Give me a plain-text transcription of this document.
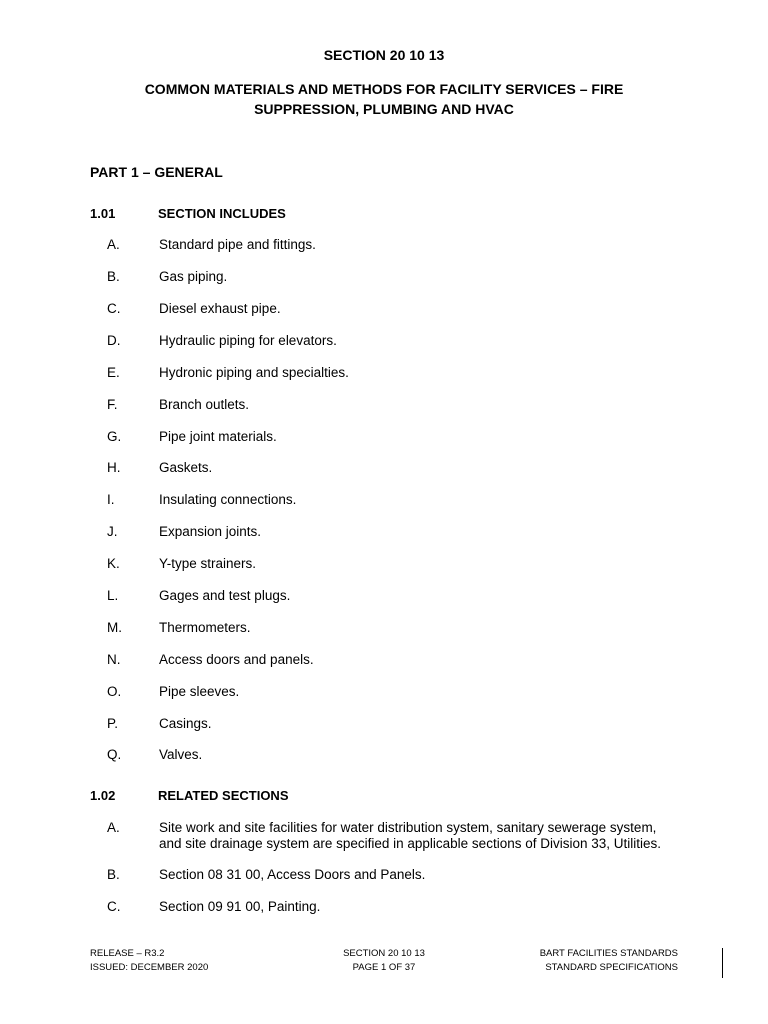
SECTION 20 10 13
COMMON MATERIALS AND METHODS FOR FACILITY SERVICES – FIRE
SUPPRESSION, PLUMBING AND HVAC
PART 1 – GENERAL
1.01	SECTION INCLUDES
A.	Standard pipe and fittings.
B.	Gas piping.
C.	Diesel exhaust pipe.
D.	Hydraulic piping for elevators.
E.	Hydronic piping and specialties.
F.	Branch outlets.
G.	Pipe joint materials.
H.	Gaskets.
I.	Insulating connections.
J.	Expansion joints.
K.	Y-type strainers.
L.	Gages and test plugs.
M.	Thermometers.
N.	Access doors and panels.
O.	Pipe sleeves.
P.	Casings.
Q.	Valves.
1.02	RELATED SECTIONS
A.	Site work and site facilities for water distribution system, sanitary sewerage system,
and site drainage system are specified in applicable sections of Division 33, Utilities.
B.	Section 08 31 00, Access Doors and Panels.
C.	Section 09 91 00, Painting.
RELEASE – R3.2
ISSUED: DECEMBER 2020
SECTION 20 10 13
PAGE 1 OF 37
BART FACILITIES STANDARDS
STANDARD SPECIFICATIONS
